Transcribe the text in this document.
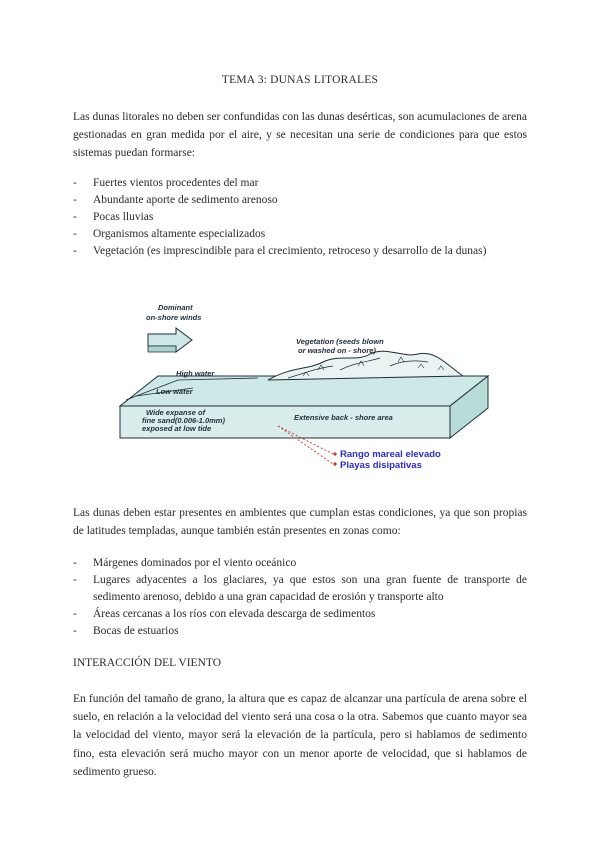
TEMA 3: DUNAS LITORALES
Las dunas litorales no deben ser confundidas con las dunas desérticas, son acumulaciones de arena gestionadas en gran medida por el aire, y se necesitan una serie de condiciones para que estos sistemas puedan formarse:
- Fuertes vientos procedentes del mar
- Abundante aporte de sedimento arenoso
- Pocas lluvias
- Organismos altamente especializados
- Vegetación (es imprescindible para el crecimiento, retroceso y desarrollo de la dunas)
Dominant
on-shore winds
Vegetation (seeds blown
or washed on - shore)
High water
Low water
Wide expanse of
fine sand(0.006-1.0mm)
exposed at low tide
Extensive back - shore area
Rango mareal elevado
Playas disipativas
Las dunas deben estar presentes en ambientes que cumplan estas condiciones, ya que son propias de latitudes templadas, aunque también están presentes en zonas como:
- Márgenes dominados por el viento oceánico
- Lugares adyacentes a los glaciares, ya que estos son una gran fuente de transporte de sedimento arenoso, debido a una gran capacidad de erosión y transporte alto
- Áreas cercanas a los ríos con elevada descarga de sedimentos
- Bocas de estuarios
INTERACCIÓN DEL VIENTO
En función del tamaño de grano, la altura que es capaz de alcanzar una partícula de arena sobre el suelo, en relación a la velocidad del viento será una cosa o la otra. Sabemos que cuanto mayor sea la velocidad del viento, mayor será la elevación de la partícula, pero si hablamos de sedimento fino, esta elevación será mucho mayor con un menor aporte de velocidad, que si hablamos de sedimento grueso.
